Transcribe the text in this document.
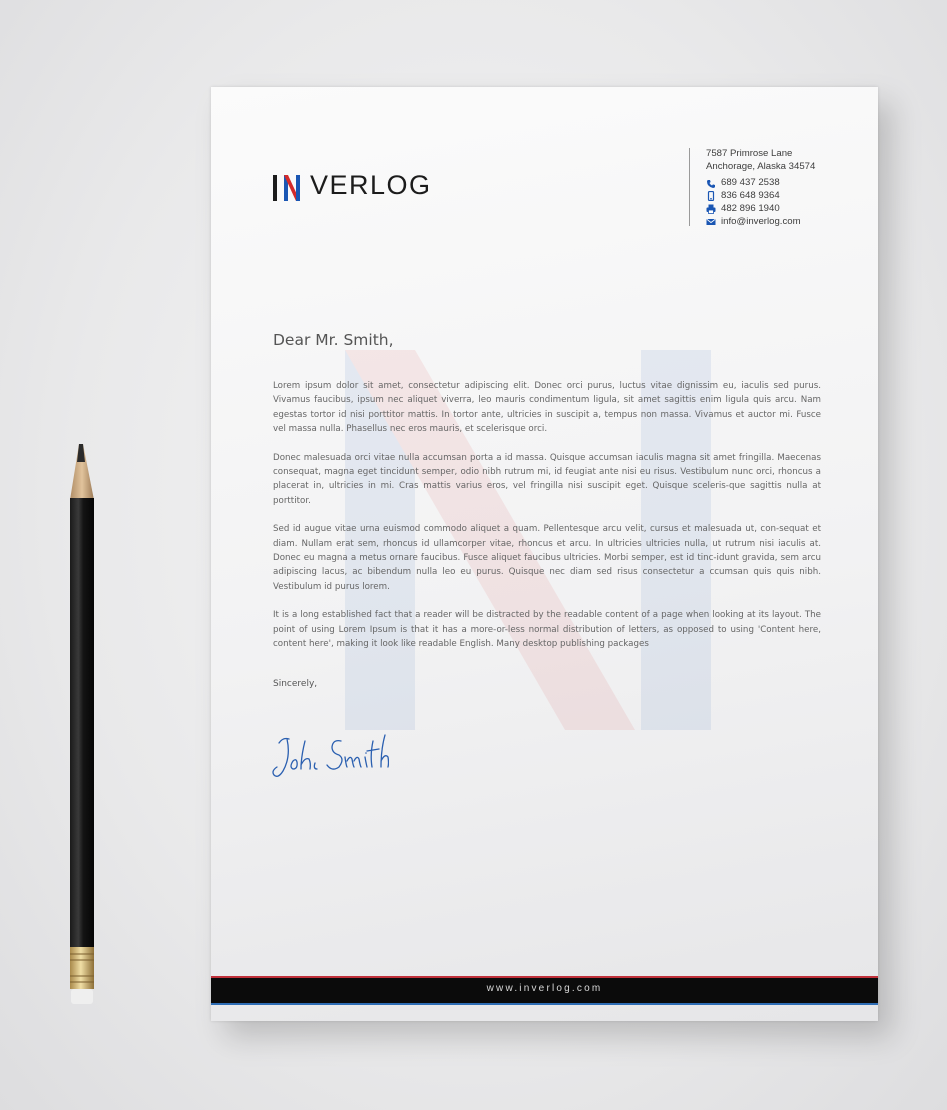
VERLOG
7587 Primrose Lane
Anchorage, Alaska 34574
689 437 2538
836 648 9364
482 896 1940
info@inverlog.com
Dear Mr. Smith,

Lorem ipsum dolor sit amet, consectetur adipiscing elit. Donec orci purus, luctus vitae dignissim eu, iaculis sed purus. Vivamus faucibus, ipsum nec aliquet viverra, leo mauris condimentum ligula, sit amet sagittis enim ligula quis arcu. Nam egestas tortor id nisi porttitor mattis. In tortor ante, ultricies in suscipit a, tempus non massa. Vivamus et auctor mi. Fusce vel massa nulla. Phasellus nec eros mauris, et scelerisque orci.

Donec malesuada orci vitae nulla accumsan porta a id massa. Quisque accumsan iaculis magna sit amet fringilla. Maecenas consequat, magna eget tincidunt semper, odio nibh rutrum mi, id feugiat ante nisi eu risus. Vestibulum nunc orci, rhoncus a placerat in, ultricies in mi. Cras mattis varius eros, vel fringilla nisi suscipit eget. Quisque sceleris-que sagittis nulla at porttitor.

Sed id augue vitae urna euismod commodo aliquet a quam. Pellentesque arcu velit, cursus et malesuada ut, con-sequat et diam. Nullam erat sem, rhoncus id ullamcorper vitae, rhoncus et arcu. In ultricies ultricies nulla, ut rutrum nisi iaculis at. Donec eu magna a metus ornare faucibus. Fusce aliquet faucibus ultricies. Morbi semper, est id tinc-idunt gravida, sem arcu adipiscing lacus, ac bibendum nulla leo eu purus. Quisque nec diam sed risus consectetur a ccumsan quis quis nibh. Vestibulum id purus lorem.

It is a long established fact that a reader will be distracted by the readable content of a page when looking at its layout. The point of using Lorem Ipsum is that it has a more-or-less normal distribution of letters, as opposed to using 'Content here, content here', making it look like readable English. Many desktop publishing packages

Sincerely,
www.inverlog.com
